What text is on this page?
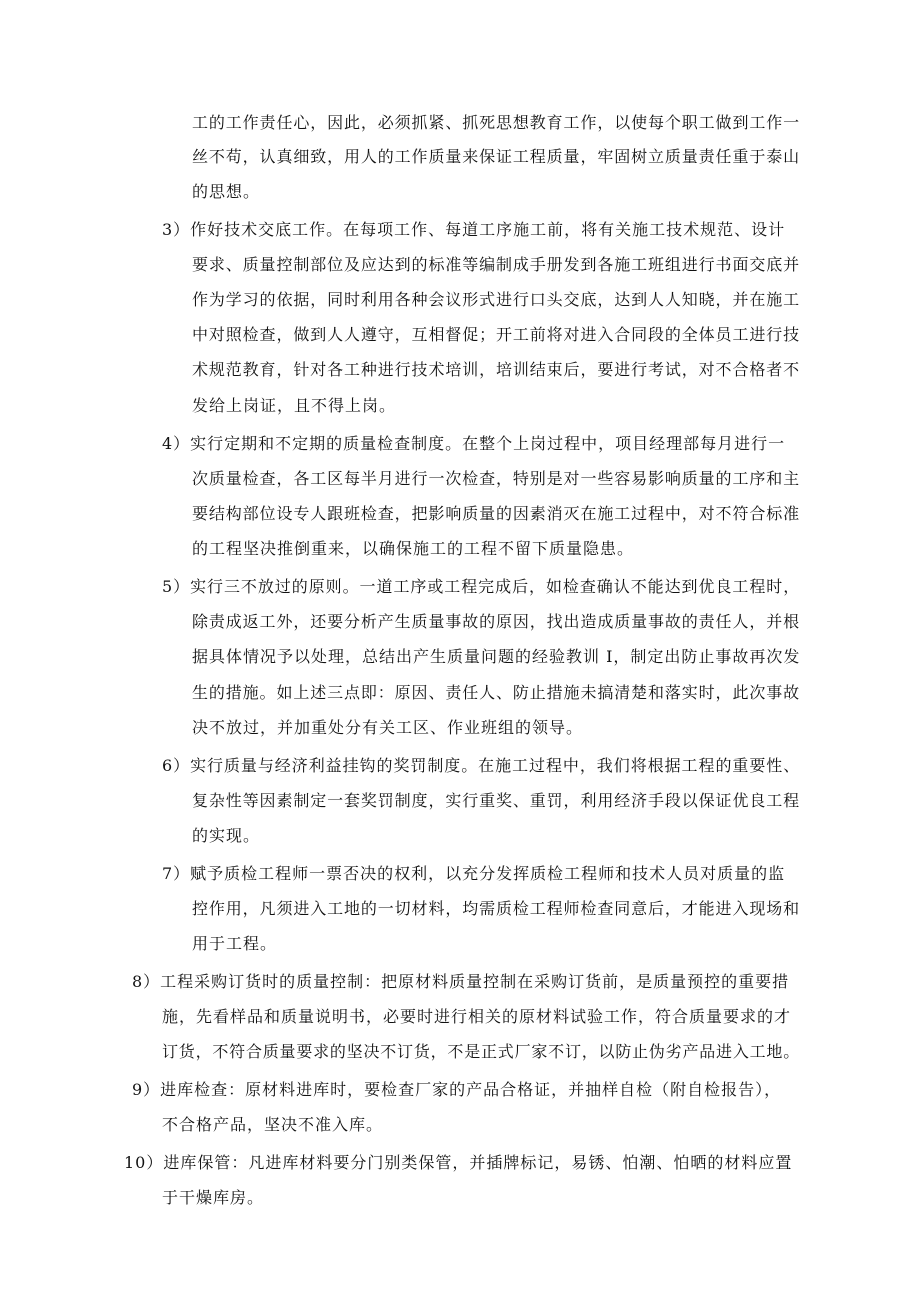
工的工作责任心，因此，必须抓紧、抓死思想教育工作，以使每个职工做到工作一
丝不苟，认真细致，用人的工作质量来保证工程质量，牢固树立质量责任重于泰山
的思想。
3）作好技术交底工作。在每项工作、每道工序施工前，将有关施工技术规范、设计
要求、质量控制部位及应达到的标准等编制成手册发到各施工班组进行书面交底并
作为学习的依据，同时利用各种会议形式进行口头交底，达到人人知晓，并在施工
中对照检查，做到人人遵守，互相督促；开工前将对进入合同段的全体员工进行技
术规范教育，针对各工种进行技术培训，培训结束后，要进行考试，对不合格者不
发给上岗证，且不得上岗。
4）实行定期和不定期的质量检查制度。在整个上岗过程中，项目经理部每月进行一
次质量检查，各工区每半月进行一次检查，特别是对一些容易影响质量的工序和主
要结构部位设专人跟班检查，把影响质量的因素消灭在施工过程中，对不符合标准
的工程坚决推倒重来，以确保施工的工程不留下质量隐患。
5）实行三不放过的原则。一道工序或工程完成后，如检查确认不能达到优良工程时，
除责成返工外，还要分析产生质量事故的原因，找出造成质量事故的责任人，并根
据具体情况予以处理，总结出产生质量问题的经验教训 I，制定出防止事故再次发
生的措施。如上述三点即：原因、责任人、防止措施未搞清楚和落实时，此次事故
决不放过，并加重处分有关工区、作业班组的领导。
6）实行质量与经济利益挂钩的奖罚制度。在施工过程中，我们将根据工程的重要性、
复杂性等因素制定一套奖罚制度，实行重奖、重罚，利用经济手段以保证优良工程
的实现。
7）赋予质检工程师一票否决的权利，以充分发挥质检工程师和技术人员对质量的监
控作用，凡须进入工地的一切材料，均需质检工程师检查同意后，才能进入现场和
用于工程。
8）工程采购订货时的质量控制：把原材料质量控制在采购订货前，是质量预控的重要措
施，先看样品和质量说明书，必要时进行相关的原材料试验工作，符合质量要求的才
订货，不符合质量要求的坚决不订货，不是正式厂家不订，以防止伪劣产品进入工地。
9）进库检查：原材料进库时，要检查厂家的产品合格证，并抽样自检（附自检报告），
不合格产品，坚决不准入库。
10）进库保管：凡进库材料要分门别类保管，并插牌标记，易锈、怕潮、怕晒的材料应置
于干燥库房。
